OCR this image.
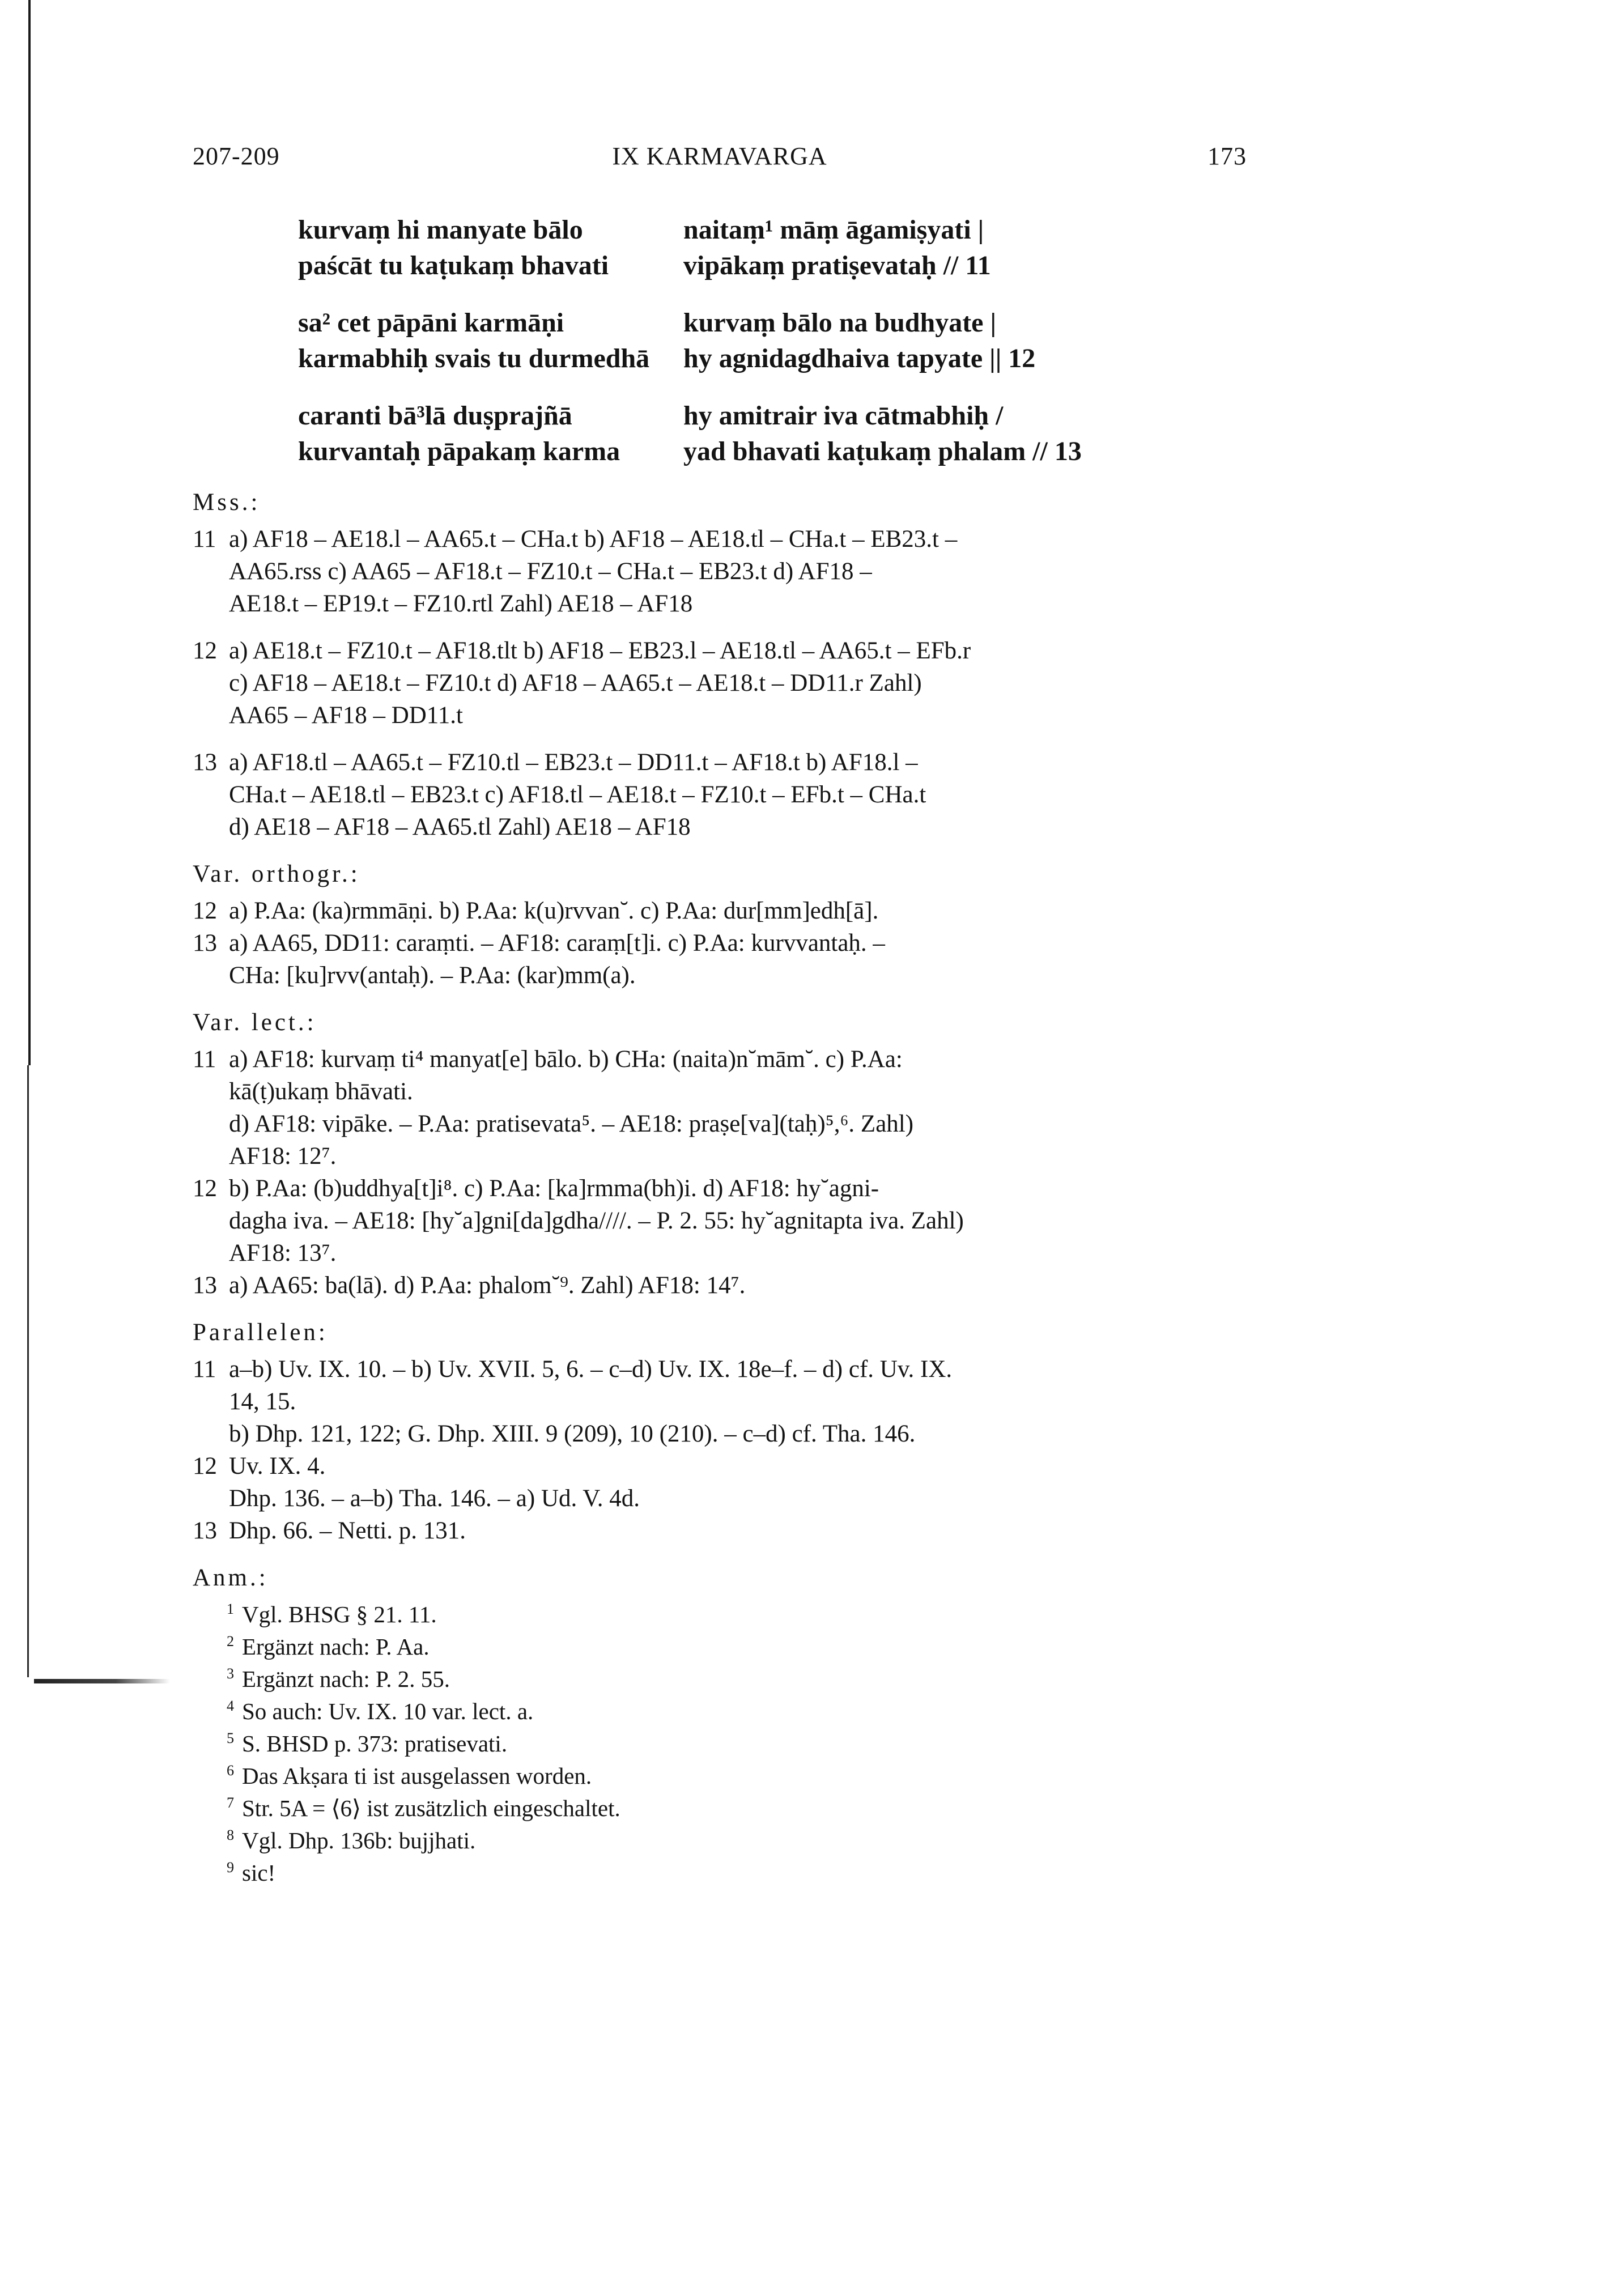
207-209	IX KARMAVARGA	173
kurvaṃ hi manyate bālo	naitaṃ¹ māṃ āgamiṣyati |
paścāt tu kaṭukaṃ bhavati	vipākaṃ pratiṣevataḥ // 11
sa² cet pāpāni karmāṇi	kurvaṃ bālo na budhyate |
karmabhiḥ svais tu durmedhā	hy agnidagdhaiva tapyate || 12
caranti bā³lā duṣprajñā	hy amitrair iva cātmabhiḥ /
kurvantaḥ pāpakaṃ karma	yad bhavati kaṭukaṃ phalam // 13
Mss.:
11 a) AF18 – AE18.l – AA65.t – CHa.t b) AF18 – AE18.tl – CHa.t – EB23.t –
AA65.rss c) AA65 – AF18.t – FZ10.t – CHa.t – EB23.t d) AF18 –
AE18.t – EP19.t – FZ10.rtl Zahl) AE18 – AF18
12 a) AE18.t – FZ10.t – AF18.tlt b) AF18 – EB23.l – AE18.tl – AA65.t – EFb.r
c) AF18 – AE18.t – FZ10.t d) AF18 – AA65.t – AE18.t – DD11.r Zahl)
AA65 – AF18 – DD11.t
13 a) AF18.tl – AA65.t – FZ10.tl – EB23.t – DD11.t – AF18.t b) AF18.l –
CHa.t – AE18.tl – EB23.t c) AF18.tl – AE18.t – FZ10.t – EFb.t – CHa.t
d) AE18 – AF18 – AA65.tl Zahl) AE18 – AF18
Var. orthogr.:
12 a) P.Aa: (ka)rmmāṇi. b) P.Aa: k(u)rvvan˘. c) P.Aa: dur[mm]edh[ā].
13 a) AA65, DD11: caraṃti. – AF18: caraṃ[t]i. c) P.Aa: kurvvantaḥ. –
CHa: [ku]rvv(antaḥ). – P.Aa: (kar)mm(a).
Var. lect.:
11 a) AF18: kurvaṃ ti⁴ manyat[e] bālo. b) CHa: (naita)n˘mām˘. c) P.Aa:
kā(ṭ)ukaṃ bhāvati.
d) AF18: vipāke. – P.Aa: pratisevata⁵. – AE18: praṣe[va](taḥ)⁵,⁶. Zahl)
AF18: 12⁷.
12 b) P.Aa: (b)uddhya[t]i⁸. c) P.Aa: [ka]rmma(bh)i. d) AF18: hy˘agni-
dagha iva. – AE18: [hy˘a]gni[da]gdha////. – P. 2. 55: hy˘agnitapta iva. Zahl)
AF18: 13⁷.
13 a) AA65: ba(lā). d) P.Aa: phalom˘⁹. Zahl) AF18: 14⁷.
Parallelen:
11 a–b) Uv. IX. 10. – b) Uv. XVII. 5, 6. – c–d) Uv. IX. 18e–f. – d) cf. Uv. IX.
14, 15.
b) Dhp. 121, 122; G. Dhp. XIII. 9 (209), 10 (210). – c–d) cf. Tha. 146.
12 Uv. IX. 4.
Dhp. 136. – a–b) Tha. 146. – a) Ud. V. 4d.
13 Dhp. 66. – Netti. p. 131.
Anm.:
$^1$ Vgl. BHSG § 21. 11.
$^2$ Ergänzt nach: P. Aa.
$^3$ Ergänzt nach: P. 2. 55.
$^4$ So auch: Uv. IX. 10 var. lect. a.
$^5$ S. BHSD p. 373: pratisevati.
$^6$ Das Akṣara ti ist ausgelassen worden.
$^7$ Str. 5A = ⟨6⟩ ist zusätzlich eingeschaltet.
$^8$ Vgl. Dhp. 136b: bujjhati.
$^9$ sic!
